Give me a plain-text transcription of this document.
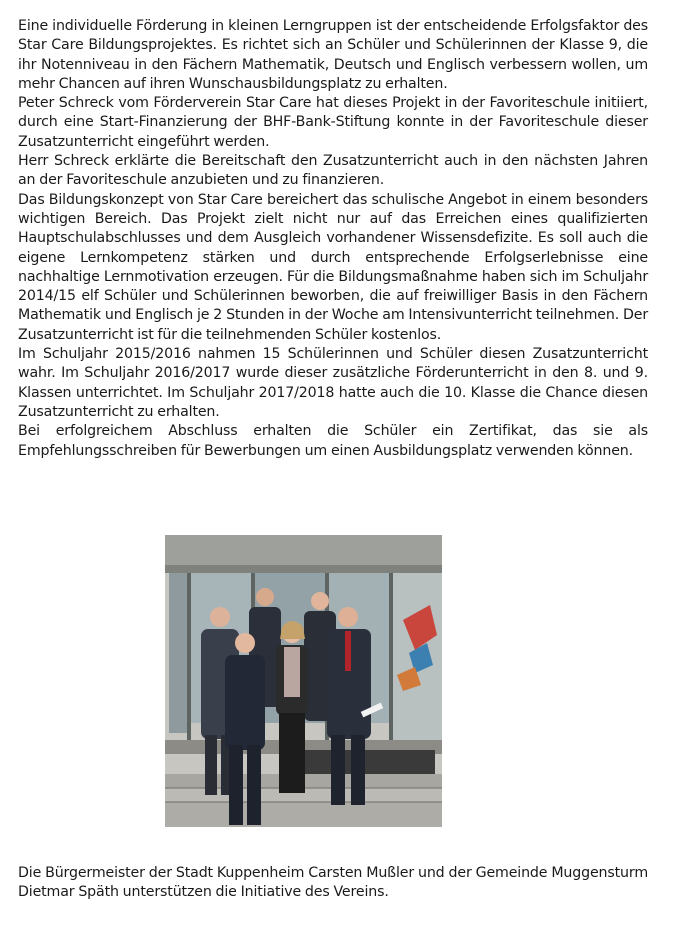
Eine individuelle Förderung in kleinen Lerngruppen ist der entscheidende Erfolgsfaktor des Star Care Bildungsprojektes. Es richtet sich an Schüler und Schülerinnen der Klasse 9, die ihr Notenniveau in den Fächern Mathematik, Deutsch und Englisch verbessern wollen, um mehr Chancen auf ihren Wunschausbildungsplatz zu erhalten.

Peter Schreck vom Förderverein Star Care hat dieses Projekt in der Favoriteschule initiiert, durch eine Start-Finanzierung der BHF-Bank-Stiftung konnte in der Favoriteschule dieser Zusatzunterricht eingeführt werden.

Herr Schreck erklärte die Bereitschaft den Zusatzunterricht auch in den nächsten Jahren an der Favoriteschule anzubieten und zu finanzieren.

Das Bildungskonzept von Star Care bereichert das schulische Angebot in einem besonders wichtigen Bereich. Das Projekt zielt nicht nur auf das Erreichen eines qualifizierten Hauptschulabschlusses und dem Ausgleich vorhandener Wissensdefizite. Es soll auch die eigene Lernkompetenz stärken und durch entsprechende Erfolgserlebnisse eine nachhaltige Lernmotivation erzeugen. Für die Bildungsmaßnahme haben sich im Schuljahr 2014/15 elf Schüler und Schülerinnen beworben, die auf freiwilliger Basis in den Fächern Mathematik und Englisch je 2 Stunden in der Woche am Intensivunterricht teilnehmen. Der Zusatzunterricht ist für die teilnehmenden Schüler kostenlos.

Im Schuljahr 2015/2016 nahmen 15 Schülerinnen und Schüler diesen Zusatzunterricht wahr. Im Schuljahr 2016/2017 wurde dieser zusätzliche Förderunterricht in den 8. und 9. Klassen unterrichtet. Im Schuljahr 2017/2018 hatte auch die 10. Klasse die Chance diesen Zusatzunterricht zu erhalten.

Bei erfolgreichem Abschluss erhalten die Schüler ein Zertifikat, das sie als Empfehlungsschreiben für Bewerbungen um einen Ausbildungsplatz verwenden können.

Die Bürgermeister der Stadt Kuppenheim Carsten Mußler und der Gemeinde Muggensturm Dietmar Späth unterstützen die Initiative des Vereins.
